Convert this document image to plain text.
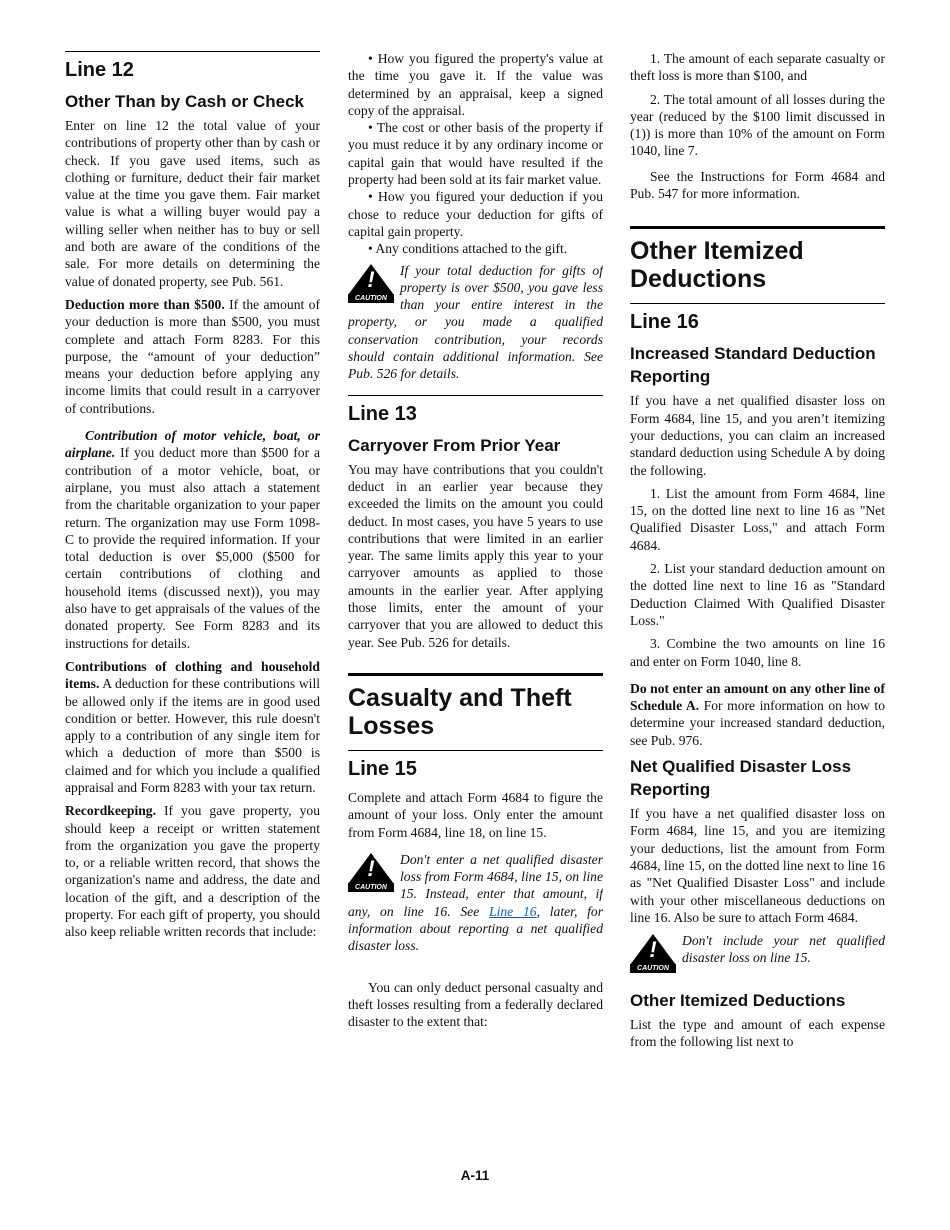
Line 12
Other Than by Cash or Check

Enter on line 12 the total value of your contributions of property other than by cash or check. If you gave used items, such as clothing or furniture, deduct their fair market value at the time you gave them. Fair market value is what a willing buyer would pay a willing seller when neither has to buy or sell and both are aware of the conditions of the sale. For more details on determining the value of donated property, see Pub. 561.

Deduction more than $500. If the amount of your deduction is more than $500, you must complete and attach Form 8283. For this purpose, the “amount of your deduction” means your deduction before applying any income limits that could result in a carryover of contributions.

Contribution of motor vehicle, boat, or airplane. If you deduct more than $500 for a contribution of a motor vehicle, boat, or airplane, you must also attach a statement from the charitable organization to your paper return. The organization may use Form 1098-C to provide the required information. If your total deduction is over $5,000 ($500 for certain contributions of clothing and household items (discussed next)), you may also have to get appraisals of the values of the donated property. See Form 8283 and its instructions for details.

Contributions of clothing and household items. A deduction for these contributions will be allowed only if the items are in good used condition or better. However, this rule doesn't apply to a contribution of any single item for which a deduction of more than $500 is claimed and for which you include a qualified appraisal and Form 8283 with your tax return.

Recordkeeping. If you gave property, you should keep a receipt or written statement from the organization you gave the property to, or a reliable written record, that shows the organization's name and address, the date and location of the gift, and a description of the property. For each gift of property, you should also keep reliable written records that include:

• How you figured the property's value at the time you gave it. If the value was determined by an appraisal, keep a signed copy of the appraisal.

• The cost or other basis of the property if you must reduce it by any ordinary income or capital gain that would have resulted if the property had been sold at its fair market value.

• How you figured your deduction if you chose to reduce your deduction for gifts of capital gain property.

• Any conditions attached to the gift.

!
CAUTION
If your total deduction for gifts of property is over $500, you gave less than your entire interest in the property, or you made a qualified conservation contribution, your records should contain additional information. See Pub. 526 for details.
Line 13
Carryover From Prior Year

You may have contributions that you couldn't deduct in an earlier year because they exceeded the limits on the amount you could deduct. In most cases, you have 5 years to use contributions that were limited in an earlier year. The same limits apply this year to your carryover amounts as applied to those amounts in the earlier year. After applying those limits, enter the amount of your carryover that you are allowed to deduct this year. See Pub. 526 for details.

Casualty and Theft Losses
Line 15

Complete and attach Form 4684 to figure the amount of your loss. Only enter the amount from Form 4684, line 18, on line 15.

!
CAUTION
Don't enter a net qualified disaster loss from Form 4684, line 15, on line 15. Instead, enter that amount, if any, on line 16. See Line 16, later, for information about reporting a net qualified disaster loss.

You can only deduct personal casualty and theft losses resulting from a federally declared disaster to the extent that:

1. The amount of each separate casualty or theft loss is more than $100, and

2. The total amount of all losses during the year (reduced by the $100 limit discussed in (1)) is more than 10% of the amount on Form 1040, line 7.

See the Instructions for Form 4684 and Pub. 547 for more information.

Other Itemized Deductions
Line 16
Increased Standard Deduction Reporting

If you have a net qualified disaster loss on Form 4684, line 15, and you aren’t itemizing your deductions, you can claim an increased standard deduction using Schedule A by doing the following.

1. List the amount from Form 4684, line 15, on the dotted line next to line 16 as "Net Qualified Disaster Loss," and attach Form 4684.

2. List your standard deduction amount on the dotted line next to line 16 as "Standard Deduction Claimed With Qualified Disaster Loss."

3. Combine the two amounts on line 16 and enter on Form 1040, line 8.

Do not enter an amount on any other line of Schedule A. For more information on how to determine your increased standard deduction, see Pub. 976.

Net Qualified Disaster Loss Reporting

If you have a net qualified disaster loss on Form 4684, line 15, and you are itemizing your deductions, list the amount from Form 4684, line 15, on the dotted line next to line 16 as "Net Qualified Disaster Loss" and include with your other miscellaneous deductions on line 16. Also be sure to attach Form 4684.

!
CAUTION
Don't include your net qualified disaster loss on line 15.
Other Itemized Deductions

List the type and amount of each expense from the following list next to

A-11
